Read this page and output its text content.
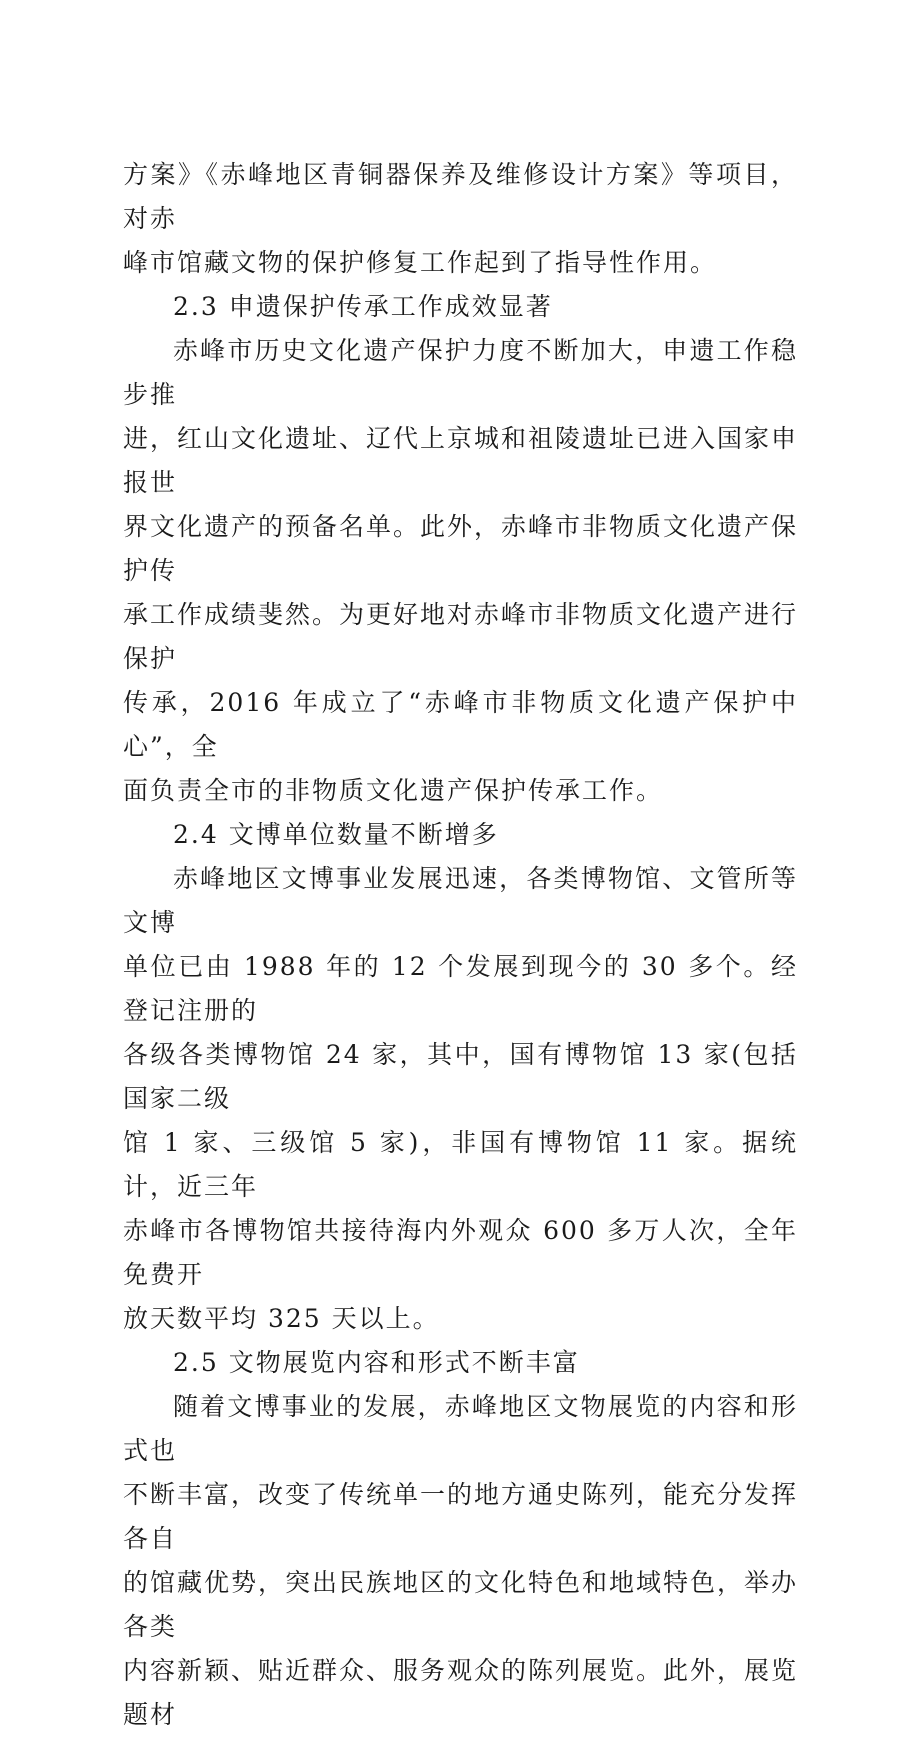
方案》《赤峰地区青铜器保养及维修设计方案》等项目，对赤
峰市馆藏文物的保护修复工作起到了指导性作用。

2.3 申遗保护传承工作成效显著

赤峰市历史文化遗产保护力度不断加大，申遗工作稳步推
进，红山文化遗址、辽代上京城和祖陵遗址已进入国家申报世
界文化遗产的预备名单。此外，赤峰市非物质文化遗产保护传
承工作成绩斐然。为更好地对赤峰市非物质文化遗产进行保护
传承，2016 年成立了“赤峰市非物质文化遗产保护中心”，全
面负责全市的非物质文化遗产保护传承工作。

2.4 文博单位数量不断增多

赤峰地区文博事业发展迅速，各类博物馆、文管所等文博
单位已由 1988 年的 12 个发展到现今的 30 多个。经登记注册的
各级各类博物馆 24 家，其中，国有博物馆 13 家(包括国家二级
馆 1 家、三级馆 5 家)，非国有博物馆 11 家。据统计，近三年
赤峰市各博物馆共接待海内外观众 600 多万人次，全年免费开
放天数平均 325 天以上。

2.5 文物展览内容和形式不断丰富

随着文博事业的发展，赤峰地区文物展览的内容和形式也
不断丰富，改变了传统单一的地方通史陈列，能充分发挥各自
的馆藏优势，突出民族地区的文化特色和地域特色，举办各类
内容新颖、贴近群众、服务观众的陈列展览。此外，展览题材
